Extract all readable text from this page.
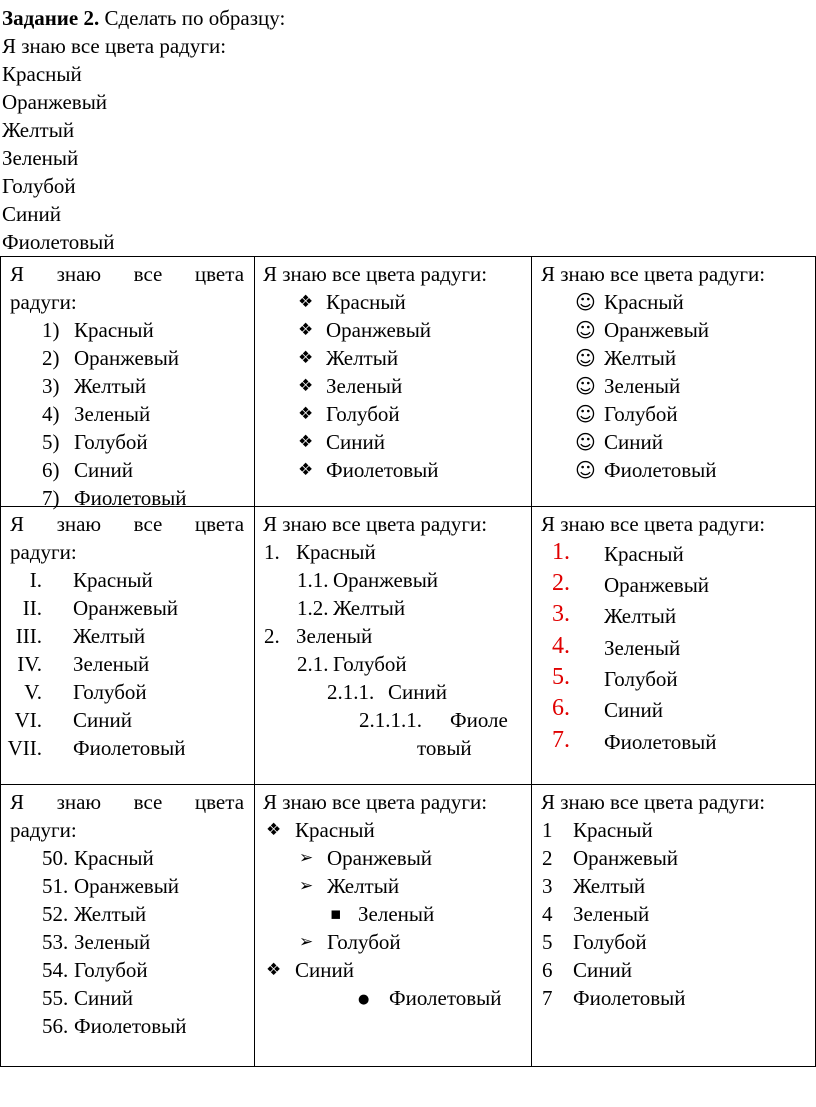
Задание 2. Сделать по образцу:
Я знаю все цвета радуги:
Красный
Оранжевый
Желтый
Зеленый
Голубой
Синий
Фиолетовый
Я знаю все цвета
радуги:
1) Красный
2) Оранжевый
3) Желтый
4) Зеленый
5) Голубой
6) Синий
7) Фиолетовый
Я знаю все цвета радуги:
❖ Красный
❖ Оранжевый
❖ Желтый
❖ Зеленый
❖ Голубой
❖ Синий
❖ Фиолетовый
Я знаю все цвета радуги:
☺ Красный
☺ Оранжевый
☺ Желтый
☺ Зеленый
☺ Голубой
☺ Синий
☺ Фиолетовый
Я знаю все цвета
радуги:
I. Красный
II. Оранжевый
III. Желтый
IV. Зеленый
V. Голубой
VI. Синий
VII. Фиолетовый
Я знаю все цвета радуги:
1. Красный
1.1. Оранжевый
1.2. Желтый
2. Зеленый
2.1. Голубой
2.1.1. Синий
2.1.1.1. Фиоле
товый
Я знаю все цвета радуги:
1. Красный
2. Оранжевый
3. Желтый
4. Зеленый
5. Голубой
6. Синий
7. Фиолетовый
Я знаю все цвета
радуги:
50. Красный
51. Оранжевый
52. Желтый
53. Зеленый
54. Голубой
55. Синий
56. Фиолетовый
Я знаю все цвета радуги:
❖ Красный
➢ Оранжевый
➢ Желтый
▪ Зеленый
➢ Голубой
❖ Синий
● Фиолетовый
Я знаю все цвета радуги:
1 Красный
2 Оранжевый
3 Желтый
4 Зеленый
5 Голубой
6 Синий
7 Фиолетовый
